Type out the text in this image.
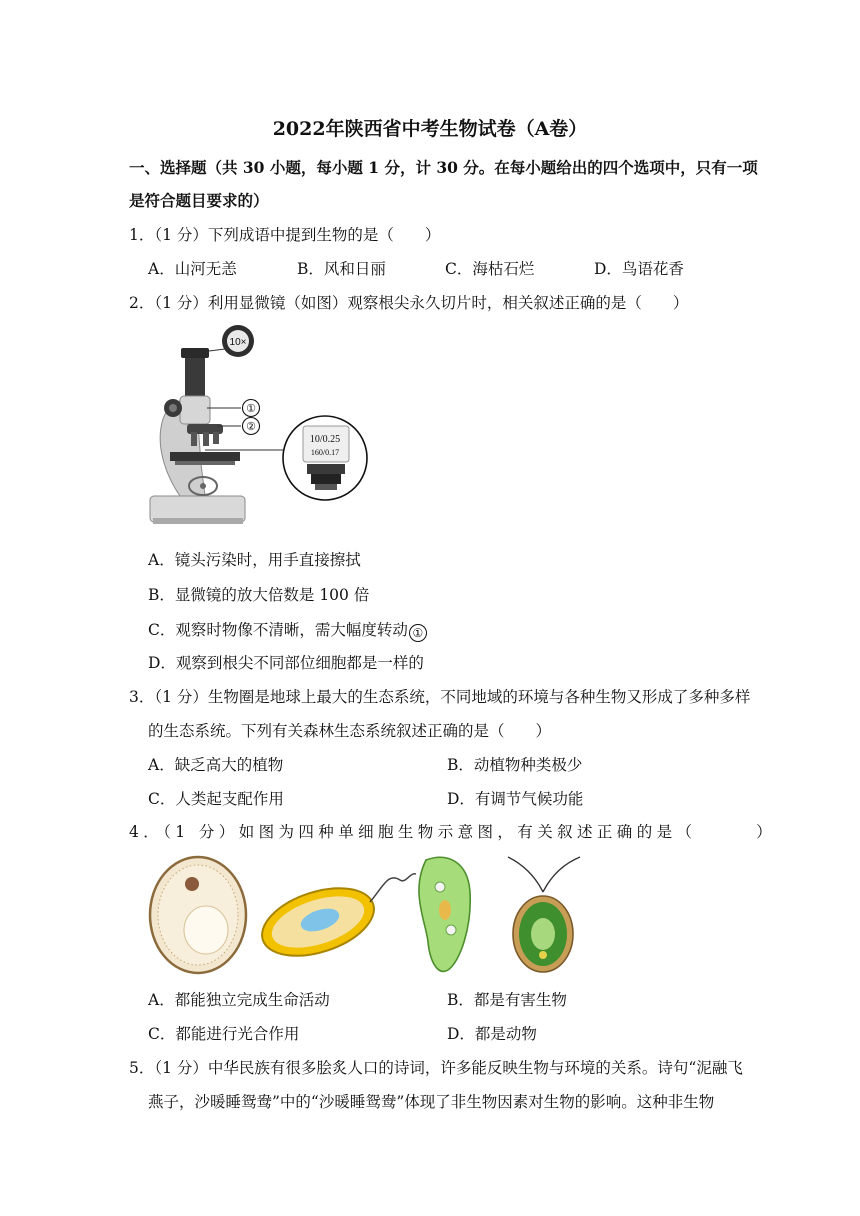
2022年陕西省中考生物试卷（A卷）
一、选择题（共 30 小题，每小题 1 分，计 30 分。在每小题给出的四个选项中，只有一项
是符合题目要求的）
1．（1 分）下列成语中提到生物的是（　　）
A．山河无恙	B．风和日丽	C．海枯石烂	D．鸟语花香
2．（1 分）利用显微镜（如图）观察根尖永久切片时，相关叙述正确的是（　　）
10×
①
②
10/0.25
160/0.17
A．镜头污染时，用手直接擦拭
B．显微镜的放大倍数是 100 倍
C．观察时物像不清晰，需大幅度转动 ①
D．观察到根尖不同部位细胞都是一样的
3．（1 分）生物圈是地球上最大的生态系统，不同地域的环境与各种生物又形成了多种多样
的生态系统。下列有关森林生态系统叙述正确的是（　　）
A．缺乏高大的植物	B．动植物种类极少
C．人类起支配作用	D．有调节气候功能
4．（1 分）如图为四种单细胞生物示意图，有关叙述正确的是（　　　）
A．都能独立完成生命活动	B．都是有害生物
C．都能进行光合作用	D．都是动物
5．（1 分）中华民族有很多脍炙人口的诗词，许多能反映生物与环境的关系。诗句“泥融飞
燕子，沙暖睡鸳鸯”中的“沙暖睡鸳鸯”体现了非生物因素对生物的影响。这种非生物
